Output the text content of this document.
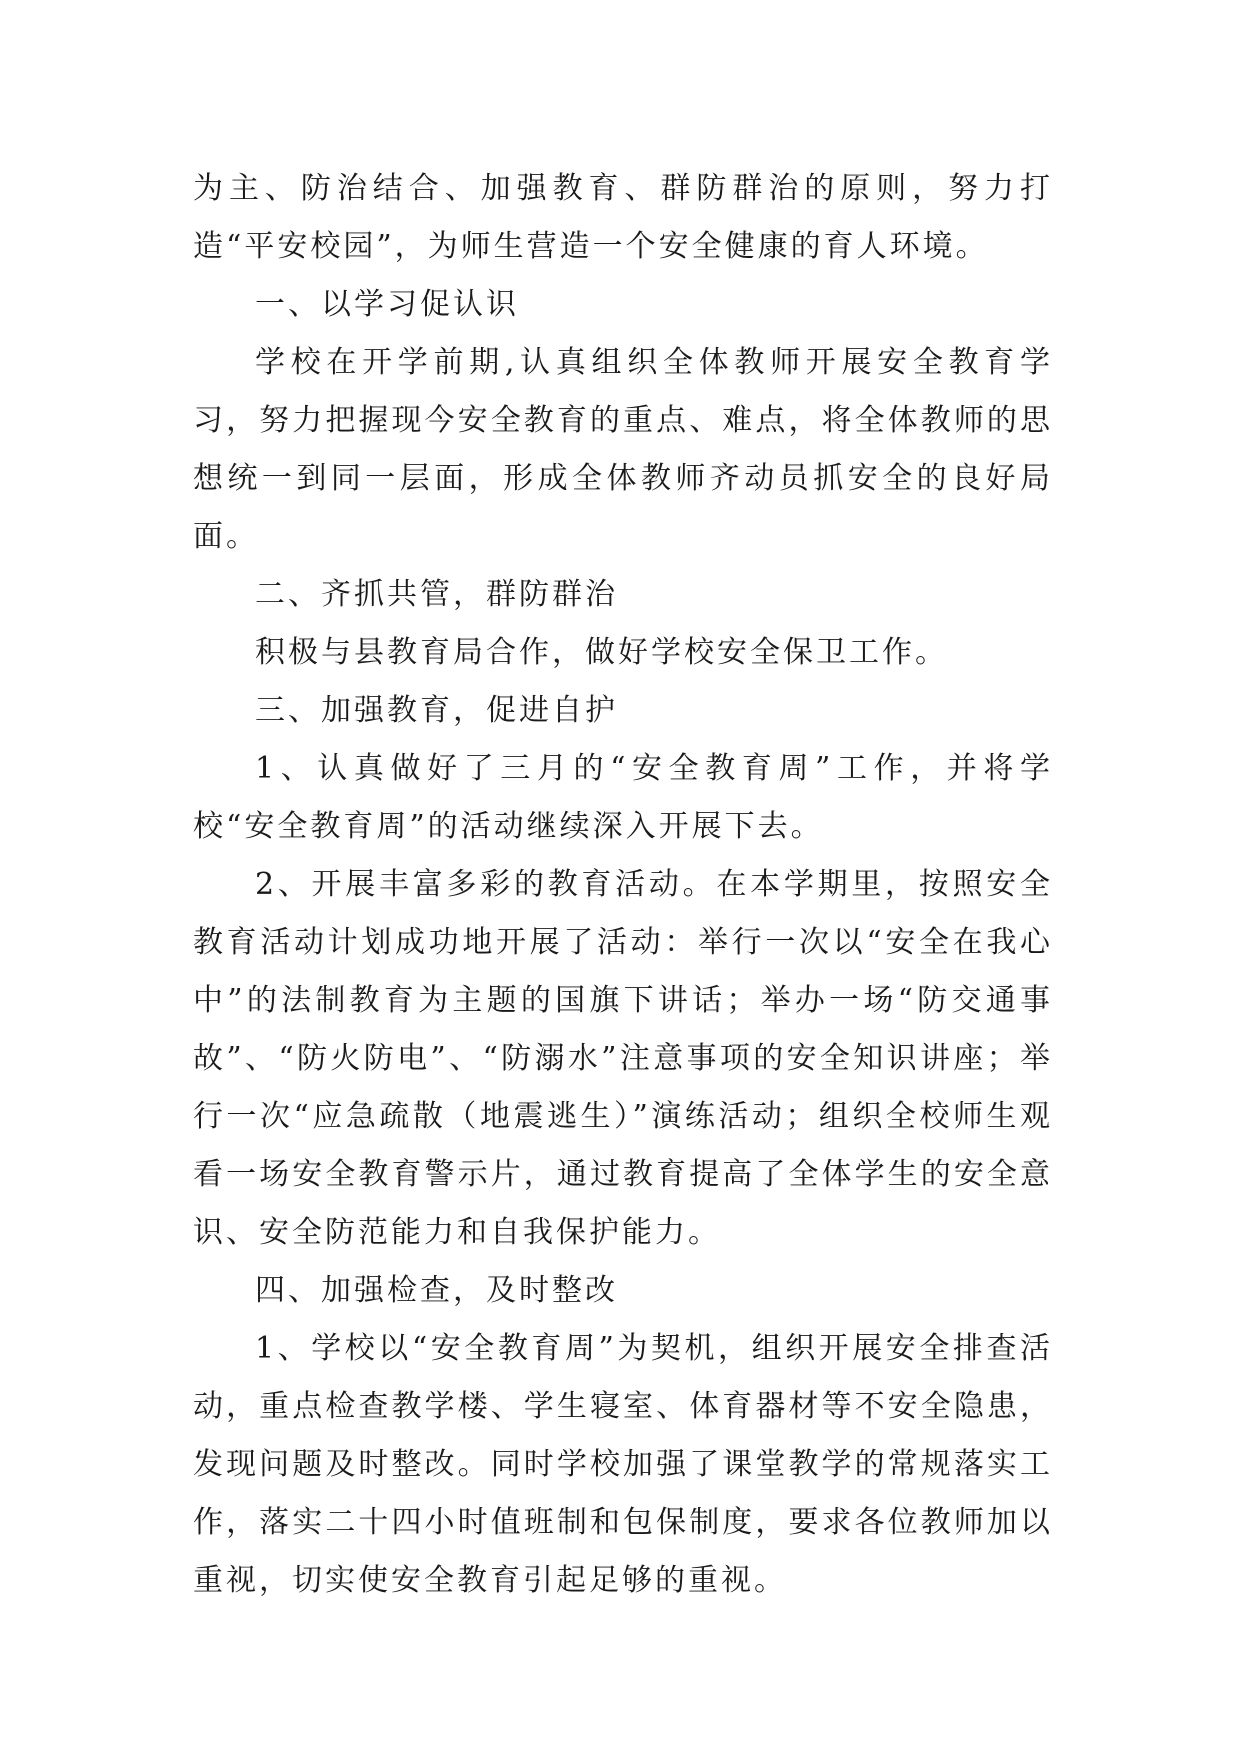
为主、防治结合、加强教育、群防群治的原则，努力打造“平安校园”，为师生营造一个安全健康的育人环境。

一、以学习促认识

学校在开学前期,认真组织全体教师开展安全教育学习，努力把握现今安全教育的重点、难点，将全体教师的思想统一到同一层面，形成全体教师齐动员抓安全的良好局面。

二、齐抓共管，群防群治

积极与县教育局合作，做好学校安全保卫工作。

三、加强教育，促进自护

1、认真做好了三月的“安全教育周”工作，并将学校“安全教育周”的活动继续深入开展下去。

2、开展丰富多彩的教育活动。在本学期里，按照安全教育活动计划成功地开展了活动：举行一次以“安全在我心中”的法制教育为主题的国旗下讲话；举办一场“防交通事故”、“防火防电”、“防溺水”注意事项的安全知识讲座；举行一次“应急疏散（地震逃生）”演练活动；组织全校师生观看一场安全教育警示片，通过教育提高了全体学生的安全意识、安全防范能力和自我保护能力。

四、加强检查，及时整改

1、学校以“安全教育周”为契机，组织开展安全排查活动，重点检查教学楼、学生寝室、体育器材等不安全隐患，发现问题及时整改。同时学校加强了课堂教学的常规落实工作，落实二十四小时值班制和包保制度，要求各位教师加以重视，切实使安全教育引起足够的重视。
